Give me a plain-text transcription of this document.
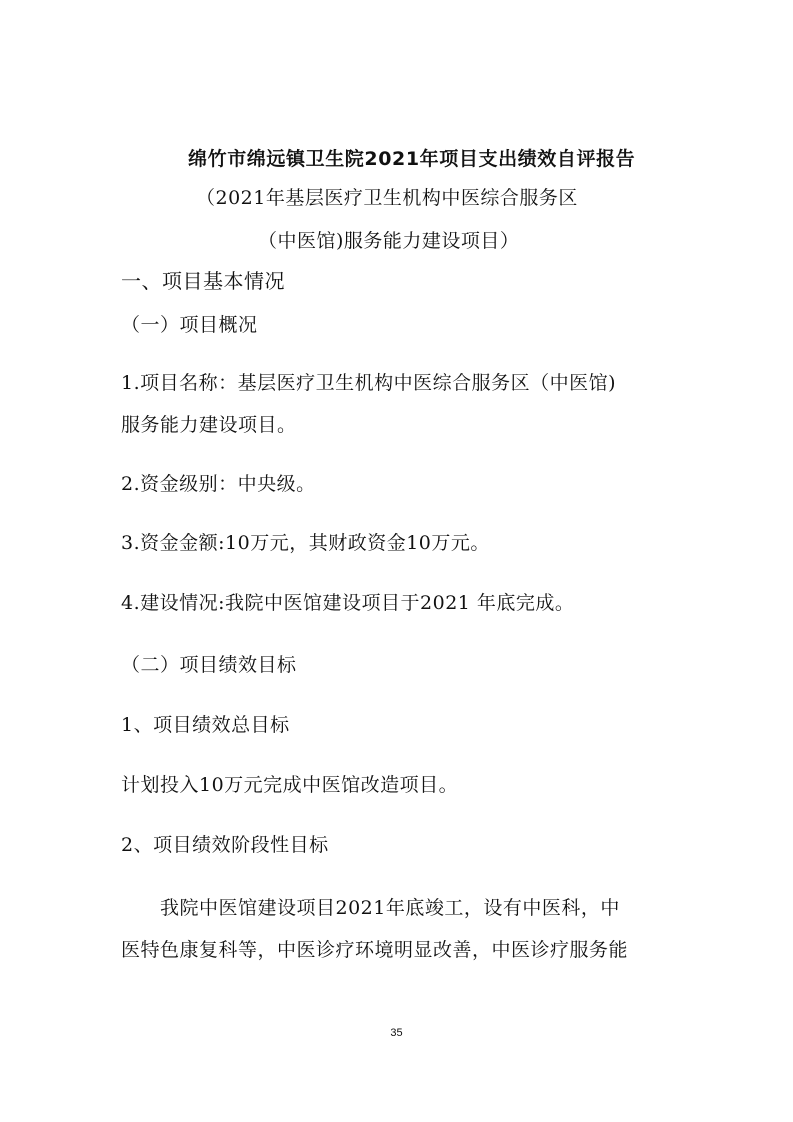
绵竹市绵远镇卫生院2021年项目支出绩效自评报告
（2021年基层医疗卫生机构中医综合服务区
（中医馆)服务能力建设项目）
一、项目基本情况
（一）项目概况
1.项目名称：基层医疗卫生机构中医综合服务区（中医馆)
服务能力建设项目。
2.资金级别：中央级。
3.资金金额:10万元，其财政资金10万元。
4.建设情况:我院中医馆建设项目于2021 年底完成。
（二）项目绩效目标
1、项目绩效总目标
计划投入10万元完成中医馆改造项目。
2、项目绩效阶段性目标
我院中医馆建设项目2021年底竣工，设有中医科，中
医特色康复科等，中医诊疗环境明显改善，中医诊疗服务能
35
